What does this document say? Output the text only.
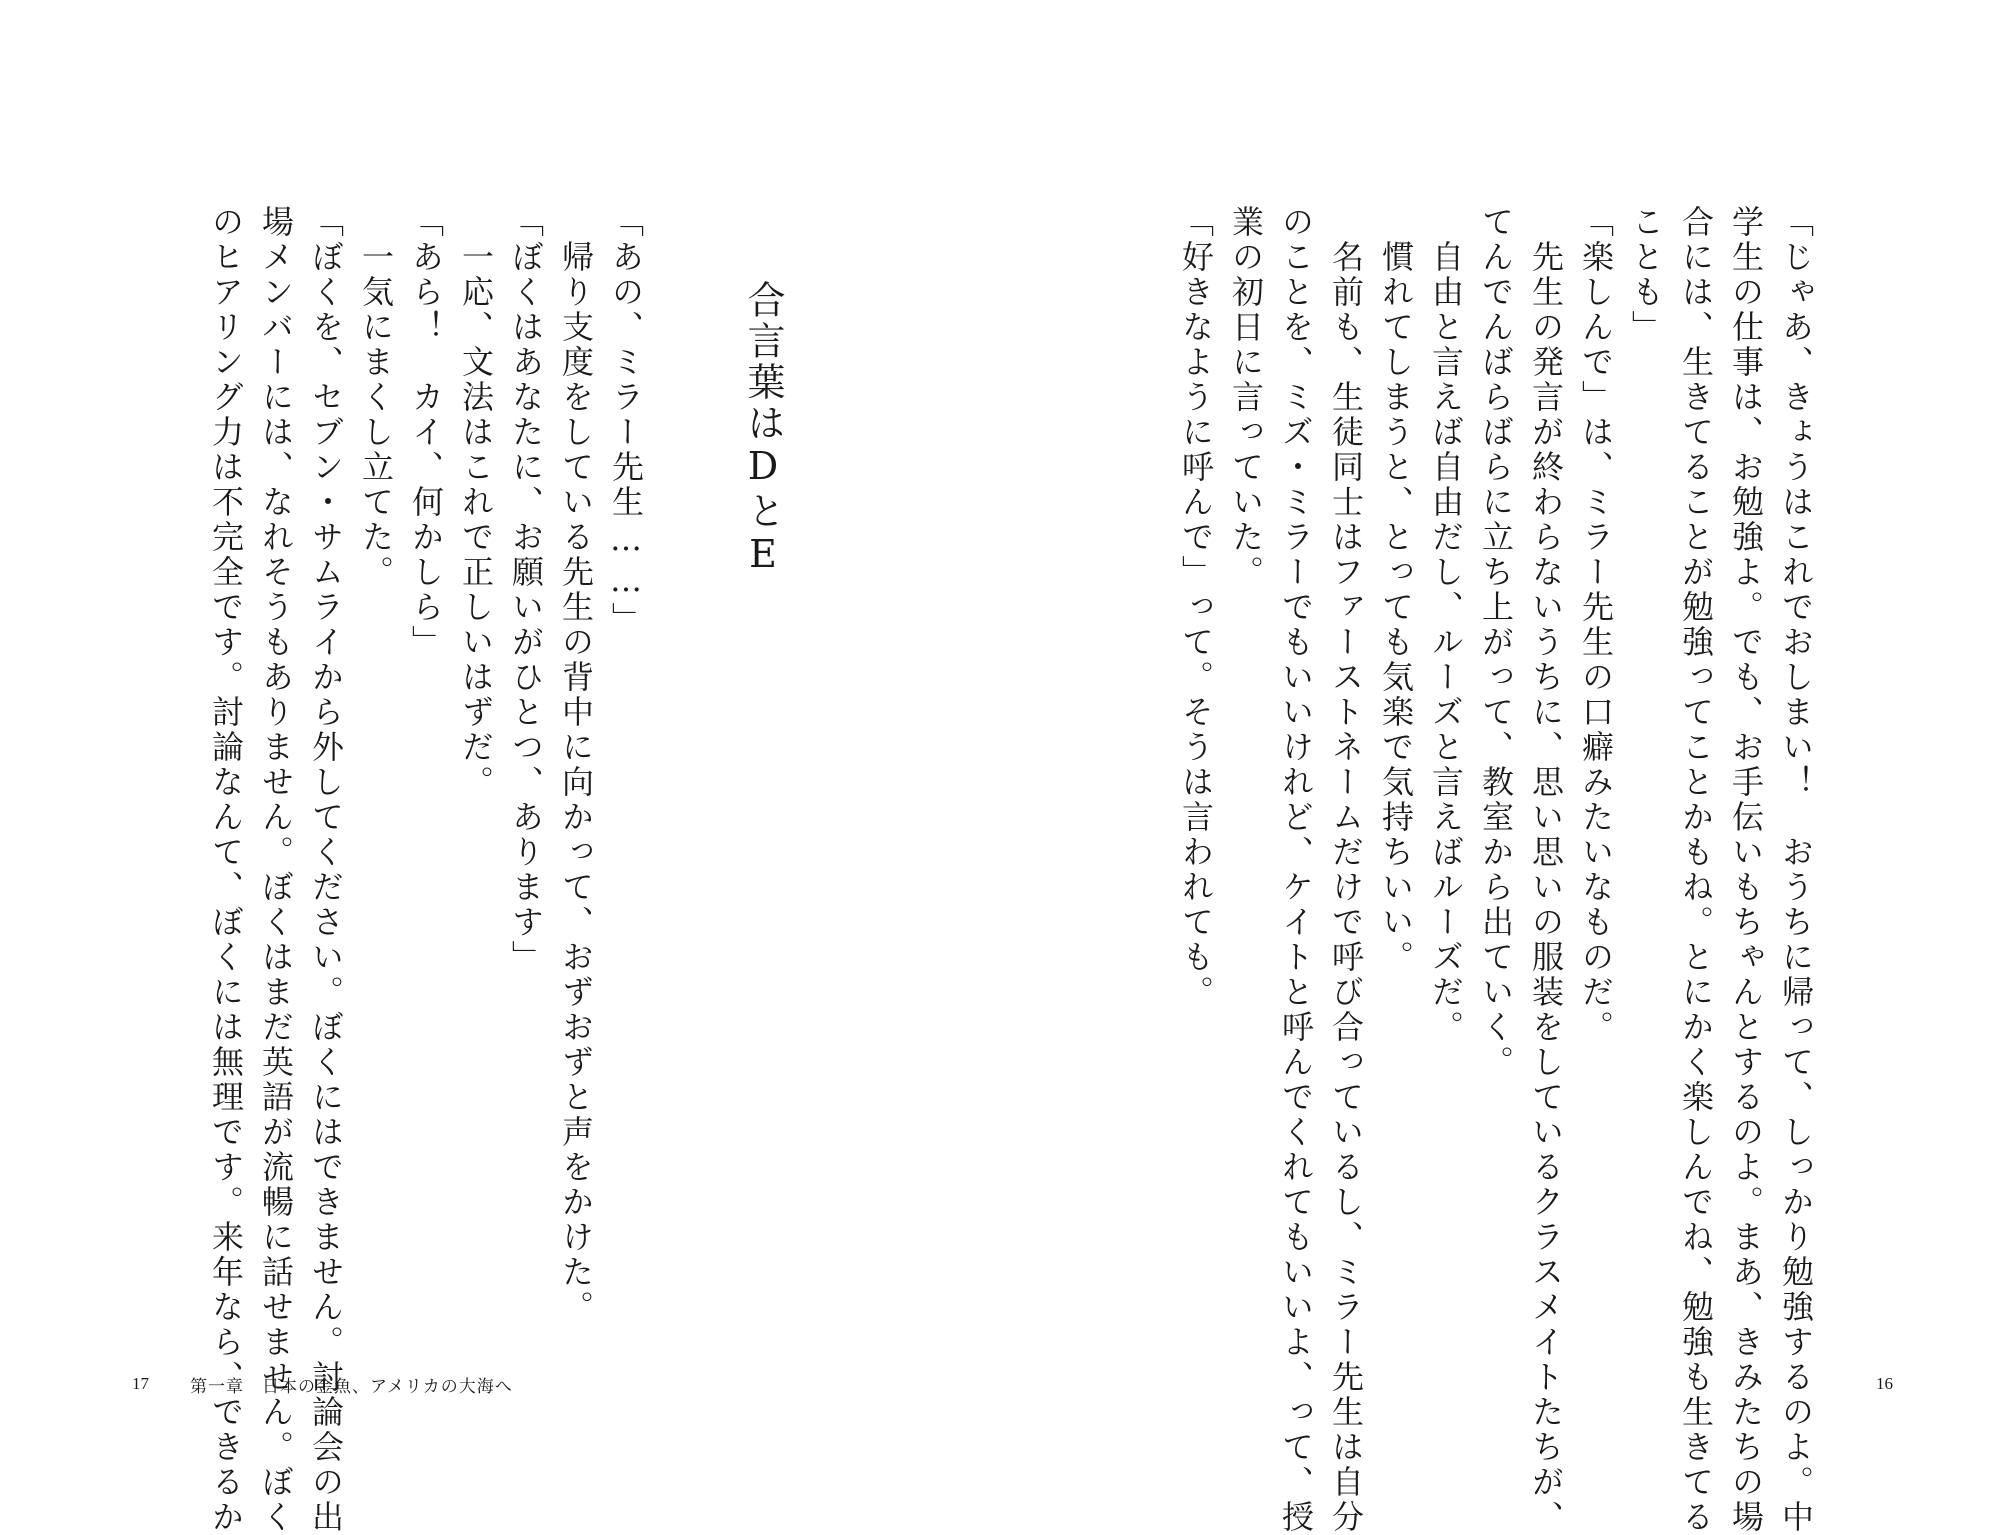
「じゃあ、きょうはこれでおしまい！　おうちに帰って、しっかり勉強するのよ。中
学生の仕事は、お勉強よ。でも、お手伝いもちゃんとするのよ。まあ、きみたちの場
合には、生きてることが勉強ってことかもね。とにかく楽しんでね、勉強も生きてる
ことも」
「楽しんで」は、ミラー先生の口癖みたいなものだ。
　先生の発言が終わらないうちに、思い思いの服装をしているクラスメイトたちが、
てんでんばらばらに立ち上がって、教室から出ていく。
　自由と言えば自由だし、ルーズと言えばルーズだ。
　慣れてしまうと、とっても気楽で気持ちいい。
　名前も、生徒同士はファーストネームだけで呼び合っているし、ミラー先生は自分
のことを、ミズ・ミラーでもいいけれど、ケイトと呼んでくれてもいいよ、って、授
業の初日に言っていた。
「好きなように呼んで」って。そうは言われても。
16
合言葉はDとE
「あの、ミラー先生……」
　帰り支度をしている先生の背中に向かって、おずおずと声をかけた。
「ぼくはあなたに、お願いがひとつ、あります」
　一応、文法はこれで正しいはずだ。
「あら！　カイ、何かしら」
　一気にまくし立てた。
「ぼくを、セブン・サムライから外してください。ぼくにはできません。討論会の出
場メンバーには、なれそうもありません。ぼくはまだ英語が流暢に話せません。ぼく
のヒアリング力は不完全です。討論なんて、ぼくには無理です。来年なら、できるか
17 第一章　日本の金魚、アメリカの大海へ
